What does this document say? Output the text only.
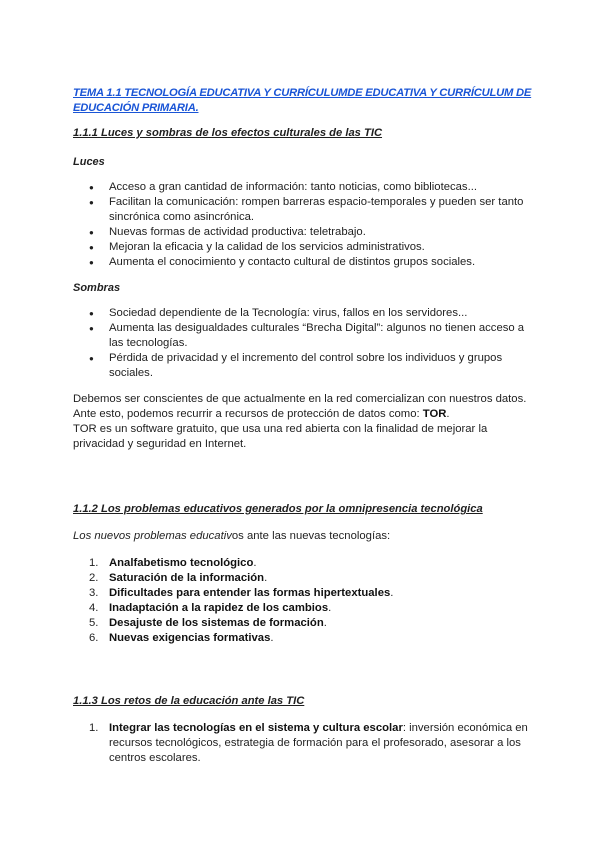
TEMA 1.1 TECNOLOGÍA EDUCATIVA Y CURRÍCULUMDE EDUCATIVA Y CURRÍCULUM DE EDUCACIÓN PRIMARIA.
1.1.1 Luces y sombras de los efectos culturales de las TIC
Luces
● Acceso a gran cantidad de información: tanto noticias, como bibliotecas...
● Facilitan la comunicación: rompen barreras espacio-temporales y pueden ser tanto sincrónica como asincrónica.
● Nuevas formas de actividad productiva: teletrabajo.
● Mejoran la eficacia y la calidad de los servicios administrativos.
● Aumenta el conocimiento y contacto cultural de distintos grupos sociales.
Sombras
● Sociedad dependiente de la Tecnología: virus, fallos en los servidores...
● Aumenta las desigualdades culturales “Brecha Digital”: algunos no tienen acceso a las tecnologías.
● Pérdida de privacidad y el incremento del control sobre los individuos y grupos sociales.
Debemos ser conscientes de que actualmente en la red comercializan con nuestros datos.
Ante esto, podemos recurrir a recursos de protección de datos como: TOR.
TOR es un software gratuito, que usa una red abierta con la finalidad de mejorar la privacidad y seguridad en Internet.
1.1.2 Los problemas educativos generados por la omnipresencia tecnológica
Los nuevos problemas educativos ante las nuevas tecnologías:
1. Analfabetismo tecnológico.
2. Saturación de la información.
3. Dificultades para entender las formas hipertextuales.
4. Inadaptación a la rapidez de los cambios.
5. Desajuste de los sistemas de formación.
6. Nuevas exigencias formativas.
1.1.3 Los retos de la educación ante las TIC
1. Integrar las tecnologías en el sistema y cultura escolar: inversión económica en recursos tecnológicos, estrategia de formación para el profesorado, asesorar a los centros escolares.
